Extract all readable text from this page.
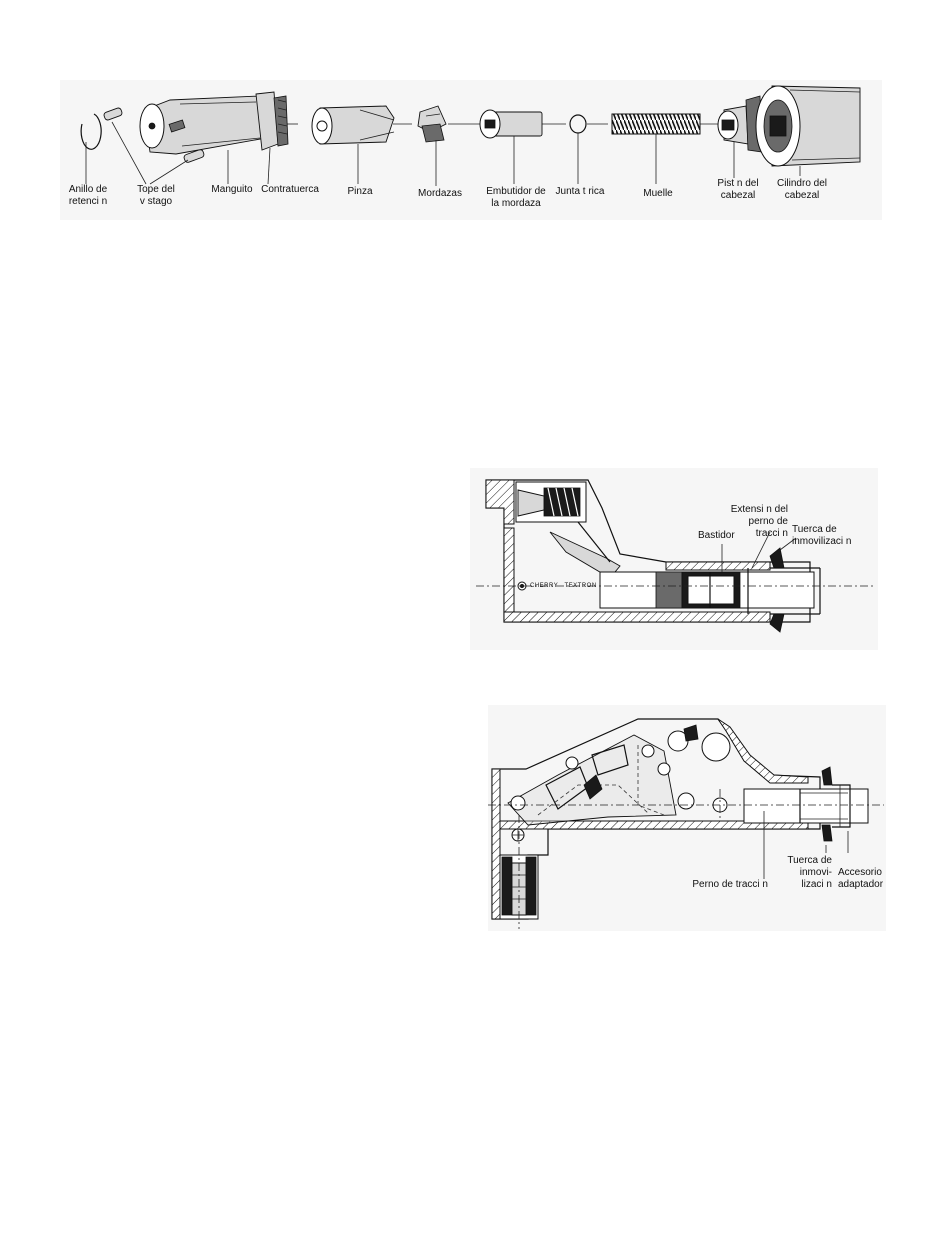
Anillo de
retenci n
Tope del
v stago
Manguito Contratuerca	Pinza	Mordazas Embutidor de
la mordaza
Junta t rica	Muelle
Pist n del
cabezal
Cilindro del
cabezal
CHERRY   TEXTRON
Extensi n del
perno de
tracci n
Bastidor
Tuerca de
inmovilizaci n
Perno de tracci n
Tuerca de
inmovi-
lizaci n
Accesorio
adaptador
